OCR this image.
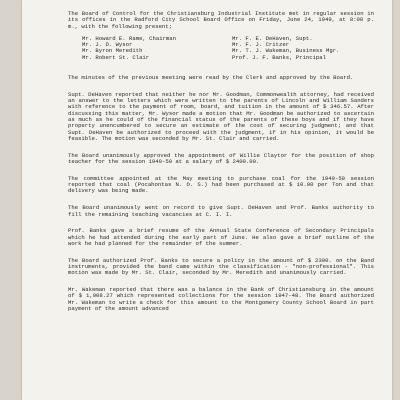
The Board of Control for the Christiansburg Industrial Institute met in regular session in its offices in the Radford City School Board Office on Friday, June 24, 1949, at 8:00 p. m., with the following present;

Mr. Howard E. Rame, Chairman	Mr. F. E. DeHaven, Supt.
Mr. J. D. Wysor	Mr. F. J. Critzer
Mr. Byron Meredith	Mr. T. J. Wakeman, Business Mgr.
Mr. Robert St. Clair	Prof. J. F. Banks, Principal

The minutes of the previous meeting were read by the Clerk and approved by the Board.

Supt. DeHaven reported that neither he nor Mr. Goodman, Commonwealth attorney, had received an answer to the letters which were written to the parents of Lincoln and William Sanders with reference to the payment of room, board, and tuition in the amount of $ 346.57. After discussing this matter, Mr. Wysor made a motion that Mr. Goodman be authorized to ascertain as much as he could of the financial status of the parents of these boys and if they have property unencumbered to secure an estimate of the cost of securing judgment; and that Supt. DeHaven be authorized to proceed with the judgment, if in his opinion, it would be feasible. The motion was seconded by Mr. St. Clair and carried.

The Board unanimously approved the appointment of Willie Claytor for the position of shop teacher for the session 1949-50 at a salary of $ 2400.00.

The committee appointed at the May meeting to purchase coal for the 1949-50 session reported that coal (Pocahontas N. O. S.) had been purchased at $ 10.00 per Ton and that delivery was being made.

The Board unanimously went on record to give Supt. DeHaven and Prof. Banks authority to fill the remaining teaching vacancies at C. I. I.

Prof. Banks gave a brief resume of the Annual State Conference of Secondary Principals which he had attended during the early part of June. He also gave a brief outline of the work he had planned for the remainder of the summer.

The Board authorized Prof. Banks to secure a policy in the amount of $ 2300. on the Band instruments, provided the band came within the classification - "non-professional". This motion was made by Mr. St. Clair, seconded by Mr. Meredith and unanimously carried.

Mr. Wakeman reported that there was a balance in the Bank of Christiansburg in the amount of $ 1,008.27 which represented collections for the session 1947-48. The Board authorized Mr. Wakeman to write a check for this amount to the Montgomery County School Board in part payment of the amount advanced
